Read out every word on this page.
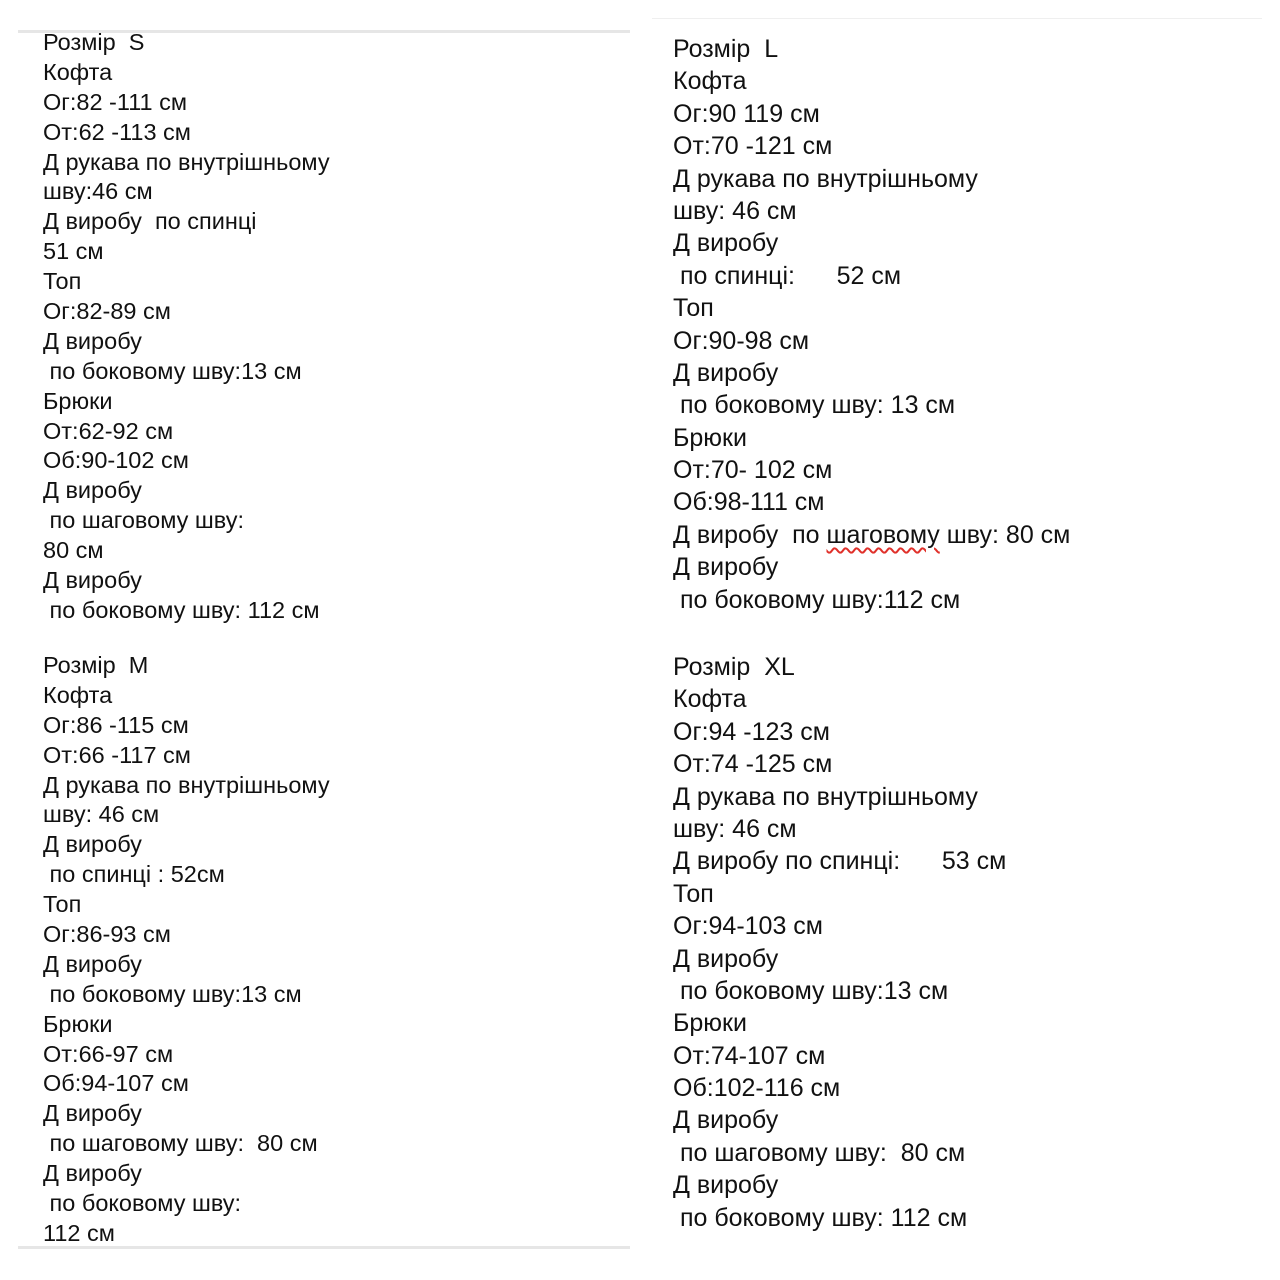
Розмір  S
Кофта
Ог:82 -111 см
От:62 -113 см
Д рукава по внутрішньому
шву:46 см
Д виробу  по спинці
51 см
Топ
Ог:82-89 см
Д виробу
по боковому шву:13 см
Брюки
От:62-92 см
Об:90-102 см
Д виробу
по шаговому шву:
80 см
Д виробу
по боковому шву: 112 см
Розмір  L
Кофта
Ог:90 119 см
От:70 -121 см
Д рукава по внутрішньому
шву: 46 см
Д виробу
по спинці:      52 см
Топ
Ог:90-98 см
Д виробу
по боковому шву: 13 см
Брюки
От:70- 102 см
Об:98-111 см
Д виробу  по шаговому шву: 80 см
Д виробу
по боковому шву:112 см
Розмір  M
Кофта
Ог:86 -115 см
От:66 -117 см
Д рукава по внутрішньому
шву: 46 см
Д виробу
по спинці : 52см
Топ
Ог:86-93 см
Д виробу
по боковому шву:13 см
Брюки
От:66-97 см
Об:94-107 см
Д виробу
по шаговому шву:  80 см
Д виробу
по боковому шву:
112 см
Розмір  XL
Кофта
Ог:94 -123 см
От:74 -125 см
Д рукава по внутрішньому
шву: 46 см
Д виробу по спинці:      53 см
Топ
Ог:94-103 см
Д виробу
по боковому шву:13 см
Брюки
От:74-107 см
Об:102-116 см
Д виробу
по шаговому шву:  80 см
Д виробу
по боковому шву: 112 см
